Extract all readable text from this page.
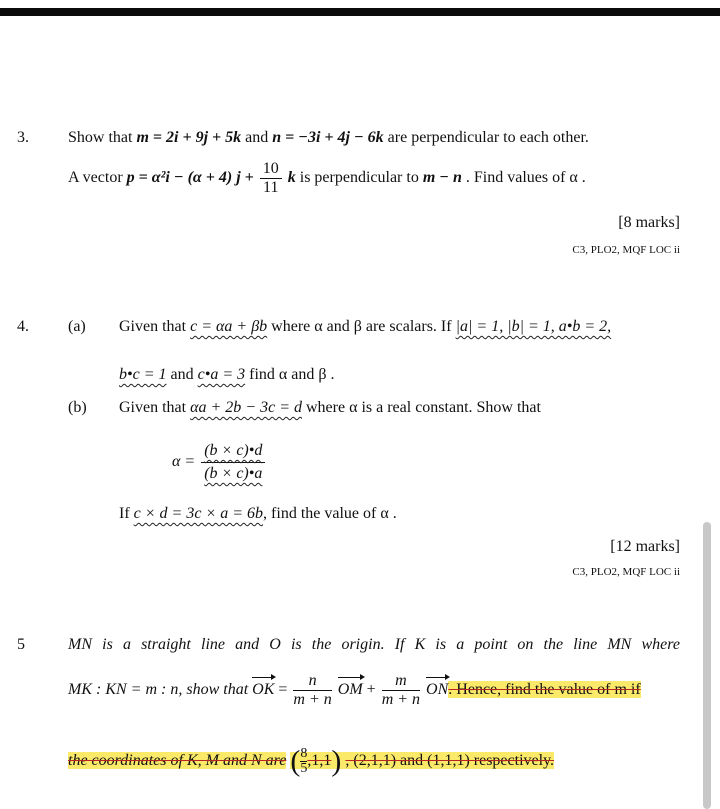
3. Show that m = 2i + 9j + 5k and n = −3i + 4j − 6k are perpendicular to each other.
A vector p = α²i − (α + 4) $j + \frac{10}{11}$ k is perpendicular to m − n . Find values of α .
[8 marks]
C3, PLO2, MQF LOC ii
4. (a) Given that c = αa + βb where α and β are scalars. If |a| = 1, |b| = 1, a•b = 2,
b•c = 1 and c•a = 3 find α and β .
(b) Given that αa + 2b − 3c = d where α is a real constant. Show that
$\alpha = \frac{(b \times c)•d}{(b \times c)•a}$
If c × d = 3c × a = 6b, find the value of α .
[12 marks]
C3, PLO2, MQF LOC ii
5	MN is a straight line and O is the origin. If K is a point on the line MN where
MK : KN = m : n, show that OK = $\frac{n}{m + n}$ OM + $\frac{m}{m + n}$ ON. Hence, find the value of m if
the coordinates of K, M and N are ( $\frac{8}{5} ,1,1$) , (2,1,1) and (1,1,1) respectively.
